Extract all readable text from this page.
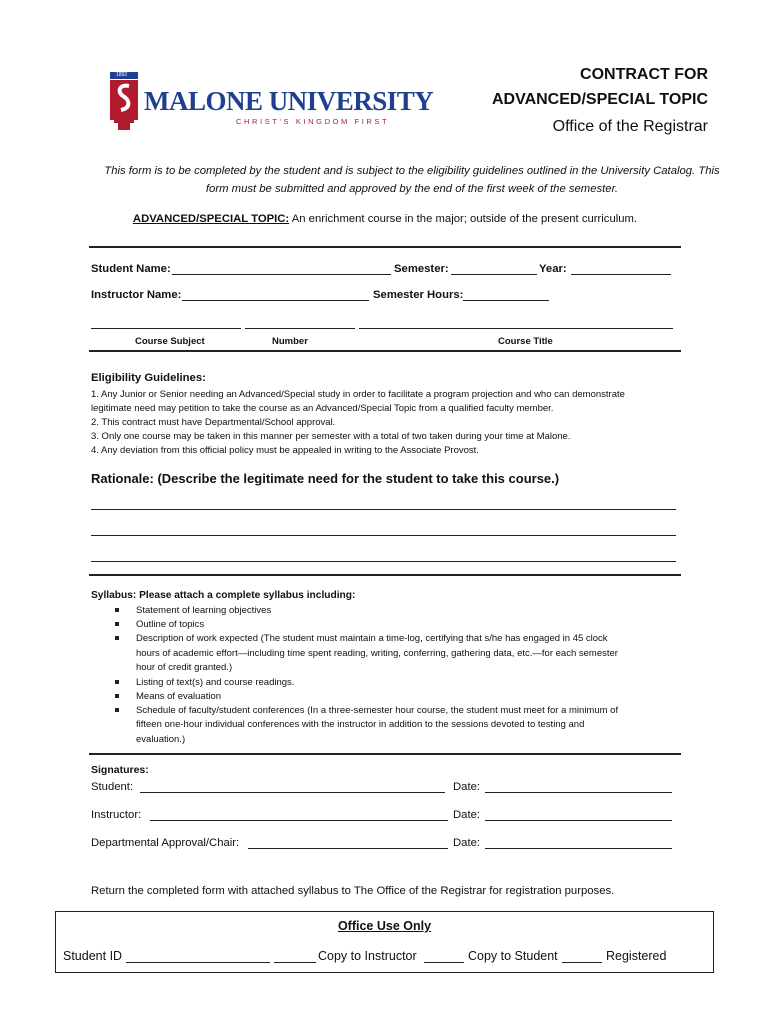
1892
MALONE UNIVERSITY
CHRIST'S KINGDOM FIRST
CONTRACT FOR
ADVANCED/SPECIAL TOPIC
Office of the Registrar
This form is to be completed by the student and is subject to the eligibility guidelines outlined in the University Catalog. This form must be submitted and approved by the end of the first week of the semester.
ADVANCED/SPECIAL TOPIC: An enrichment course in the major; outside of the present curriculum.
Student Name:	Semester:	Year:
Instructor Name:	Semester Hours:
Course Subject	Number	Course Title
Eligibility Guidelines:
1. Any Junior or Senior needing an Advanced/Special study in order to facilitate a program projection and who can demonstrate
legitimate need may petition to take the course as an Advanced/Special Topic from a qualified faculty member.
2. This contract must have Departmental/School approval.
3. Only one course may be taken in this manner per semester with a total of two taken during your time at Malone.
4. Any deviation from this official policy must be appealed in writing to the Associate Provost.
Rationale: (Describe the legitimate need for the student to take this course.)
Syllabus: Please attach a complete syllabus including:
Statement of learning objectives
Outline of topics
Description of work expected (The student must maintain a time-log, certifying that s/he has engaged in 45 clock
hours of academic effort—including time spent reading, writing, conferring, gathering data, etc.—for each semester
hour of credit granted.)
Listing of text(s) and course readings.
Means of evaluation
Schedule of faculty/student conferences (In a three-semester hour course, the student must meet for a minimum of
fifteen one-hour individual conferences with the instructor in addition to the sessions devoted to testing and
evaluation.)
Signatures:
Student:	Date:
Instructor:	Date:
Departmental Approval/Chair:	Date:
Return the completed form with attached syllabus to The Office of the Registrar for registration purposes.
Office Use Only
Student ID	Copy to Instructor	Copy to Student	Registered
